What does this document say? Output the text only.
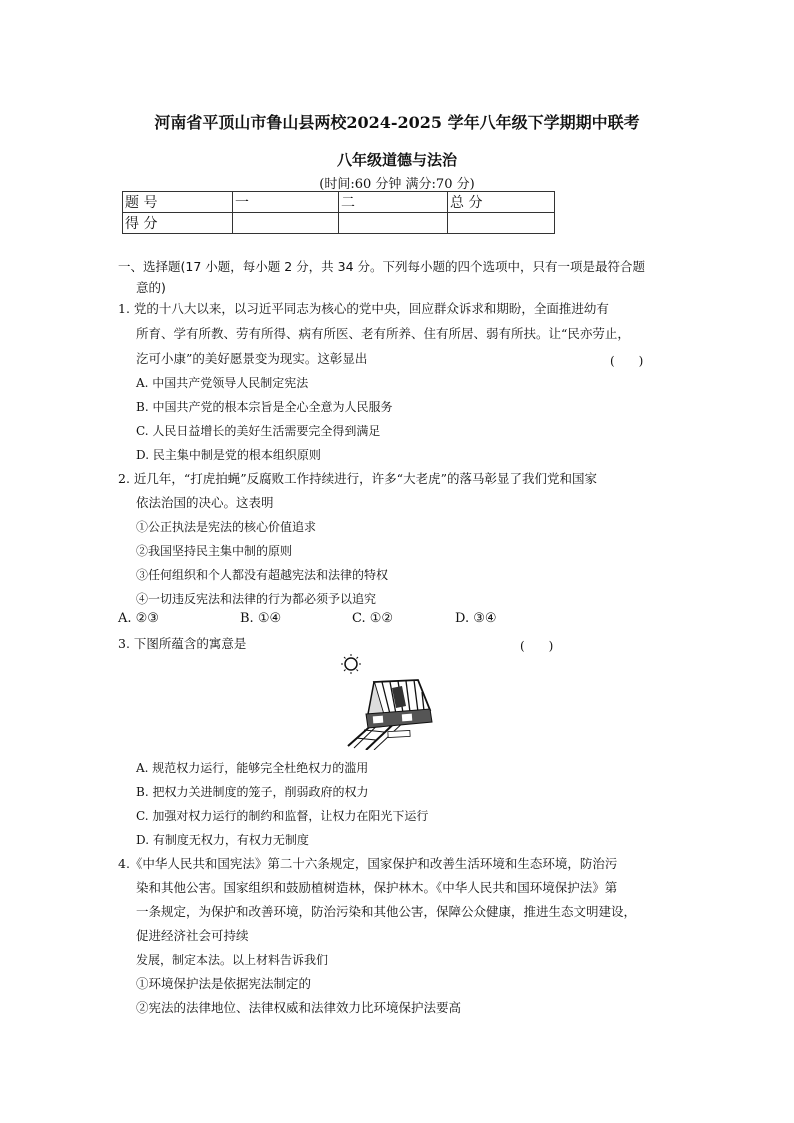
河南省平顶山市鲁山县两校2024-2025 学年八年级下学期期中联考
八年级道德与法治
(时间:60 分钟 满分:70 分)
题 号	一	二	总 分
得 分			
一、选择题(17 小题，每小题 2 分，共 34 分。下列每小题的四个选项中，只有一项是最符合题
意的)
1. 党的十八大以来，以习近平同志为核心的党中央，回应群众诉求和期盼，全面推进幼有
所育、学有所教、劳有所得、病有所医、老有所养、住有所居、弱有所扶。让“民亦劳止，
汔可小康”的美好愿景变为现实。这彰显出	(　　)
A. 中国共产党领导人民制定宪法
B. 中国共产党的根本宗旨是全心全意为人民服务
C. 人民日益增长的美好生活需要完全得到满足
D. 民主集中制是党的根本组织原则
2. 近几年，“打虎拍蝇”反腐败工作持续进行，许多“大老虎”的落马彰显了我们党和国家
依法治国的决心。这表明
①公正执法是宪法的核心价值追求
②我国坚持民主集中制的原则
③任何组织和个人都没有超越宪法和法律的特权
④一切违反宪法和法律的行为都必须予以追究
A. ②③	B. ①④	C. ①②	D. ③④
3. 下图所蕴含的寓意是	(　　)
A. 规范权力运行，能够完全杜绝权力的滥用
B. 把权力关进制度的笼子，削弱政府的权力
C. 加强对权力运行的制约和监督，让权力在阳光下运行
D. 有制度无权力，有权力无制度
4.《中华人民共和国宪法》第二十六条规定，国家保护和改善生活环境和生态环境，防治污
染和其他公害。国家组织和鼓励植树造林，保护林木。《中华人民共和国环境保护法》第
一条规定，为保护和改善环境，防治污染和其他公害，保障公众健康，推进生态文明建设，
促进经济社会可持续
发展，制定本法。以上材料告诉我们
①环境保护法是依据宪法制定的
②宪法的法律地位、法律权威和法律效力比环境保护法要高
